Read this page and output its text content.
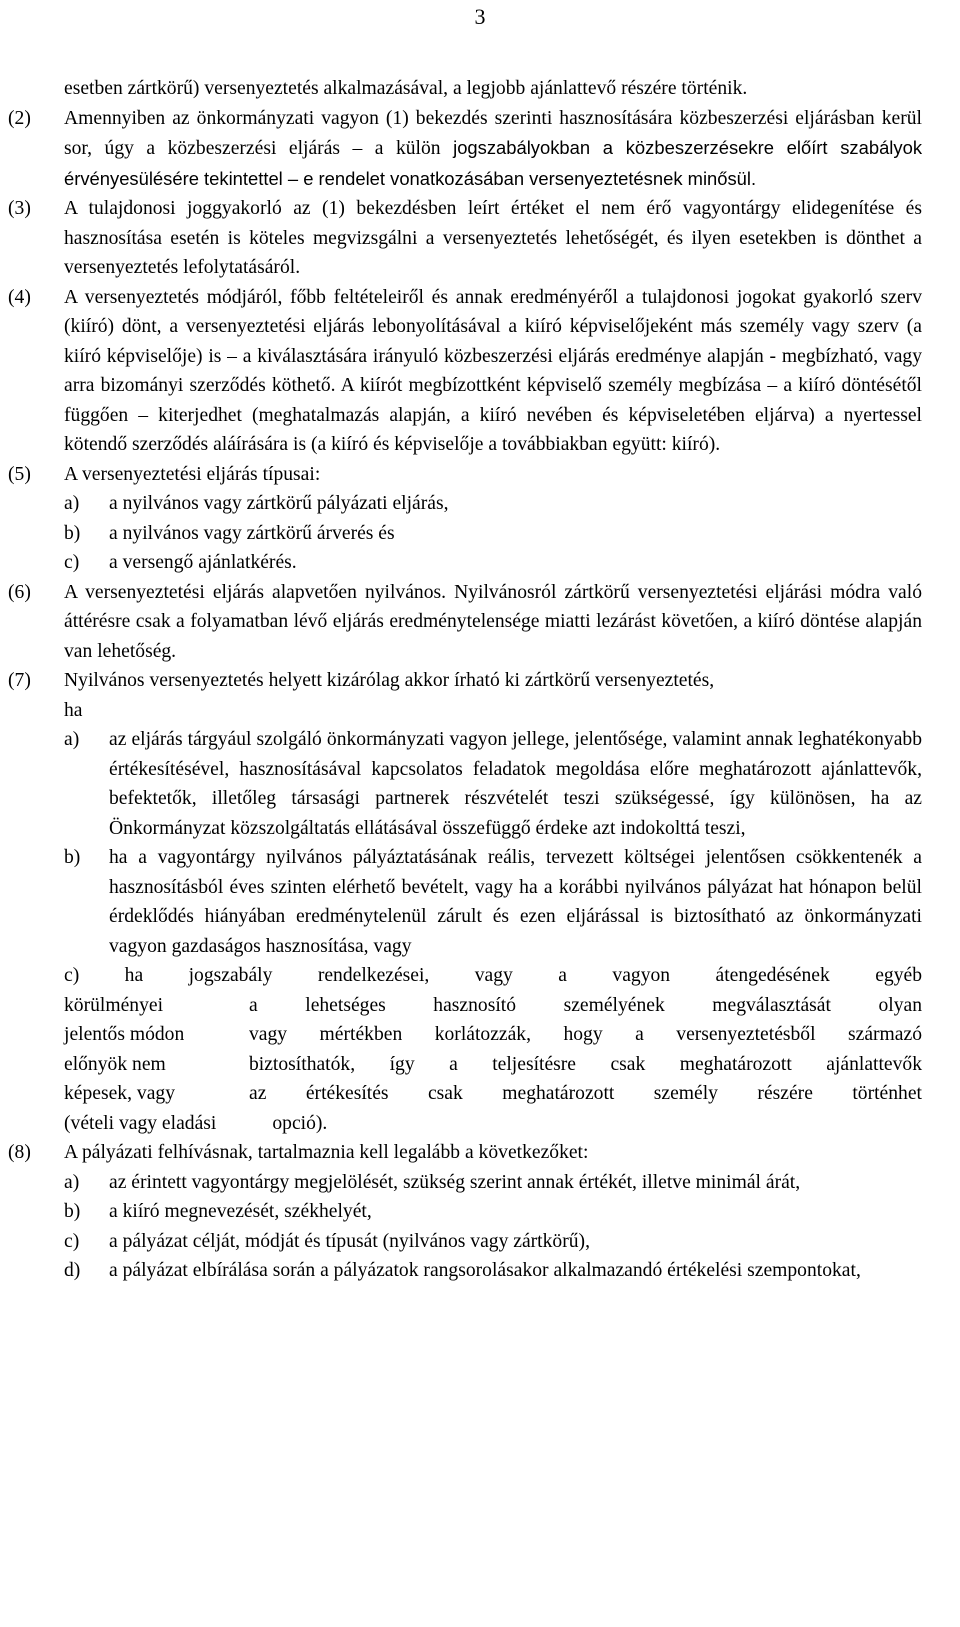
3
esetben zártkörű) versenyeztetés alkalmazásával, a legjobb ajánlattevő részére történik.
(2) Amennyiben az önkormányzati vagyon (1) bekezdés szerinti hasznosítására közbeszerzési eljárásban kerül sor, úgy a közbeszerzési eljárás – a külön jogszabályokban a közbeszerzésekre előírt szabályok érvényesülésére tekintettel – e rendelet vonatkozásában versenyeztetésnek minősül.
(3) A tulajdonosi joggyakorló az (1) bekezdésben leírt értéket el nem érő vagyontárgy elidegenítése és hasznosítása esetén is köteles megvizsgálni a versenyeztetés lehetőségét, és ilyen esetekben is dönthet a versenyeztetés lefolytatásáról.
(4) A versenyeztetés módjáról, főbb feltételeiről és annak eredményéről a tulajdonosi jogokat gyakorló szerv (kiíró) dönt, a versenyeztetési eljárás lebonyolításával a kiíró képviselőjeként más személy vagy szerv (a kiíró képviselője) is – a kiválasztására irányuló közbeszerzési eljárás eredménye alapján - megbízható, vagy arra bizományi szerződés köthető. A kiírót megbízottként képviselő személy megbízása – a kiíró döntésétől függően – kiterjedhet (meghatalmazás alapján, a kiíró nevében és képviseletében eljárva) a nyertessel kötendő szerződés aláírására is (a kiíró és képviselője a továbbiakban együtt: kiíró).
(5) A versenyeztetési eljárás típusai:
a) a nyilvános vagy zártkörű pályázati eljárás,
b) a nyilvános vagy zártkörű árverés és
c) a versengő ajánlatkérés.
(6) A versenyeztetési eljárás alapvetően nyilvános. Nyilvánosról zártkörű versenyeztetési eljárási módra való áttérésre csak a folyamatban lévő eljárás eredménytelensége miatti lezárást követően, a kiíró döntése alapján van lehetőség.
(7) Nyilvános versenyeztetés helyett kizárólag akkor írható ki zártkörű versenyeztetés, ha
a) az eljárás tárgyául szolgáló önkormányzati vagyon jellege, jelentősége, valamint annak leghatékonyabb értékesítésével, hasznosításával kapcsolatos feladatok megoldása előre meghatározott ajánlattevők, befektetők, illetőleg társasági partnerek részvételét teszi szükségessé, így különösen, ha az Önkormányzat közszolgáltatás ellátásával összefüggő érdeke azt indokolttá teszi,
b) ha a vagyontárgy nyilvános pályáztatásának reális, tervezett költségei jelentősen csökkentenék a hasznosításból éves szinten elérhető bevételt, vagy ha a korábbi nyilvános pályázat hat hónapon belül érdeklődés hiányában eredménytelenül zárult és ezen eljárással is biztosítható az önkormányzati vagyon gazdaságos hasznosítása, vagy
c) ha jogszabály rendelkezései, vagy a vagyon átengedésének egyéb
körülményei	a lehetséges hasznosító személyének megválasztását olyan
jelentős módon	vagy mértékben korlátozzák, hogy a versenyeztetésből származó
előnyök nem	biztosíthatók, így a teljesítésre csak meghatározott ajánlattevők
képesek, vagy	az értékesítés csak meghatározott személy részére történhet
(vételi vagy eladási	opció).
(8) A pályázati felhívásnak, tartalmaznia kell legalább a következőket:
a) az érintett vagyontárgy megjelölését, szükség szerint annak értékét, illetve minimál árát,
b) a kiíró megnevezését, székhelyét,
c) a pályázat célját, módját és típusát (nyilvános vagy zártkörű),
d) a pályázat elbírálása során a pályázatok rangsorolásakor alkalmazandó értékelési szempontokat,
